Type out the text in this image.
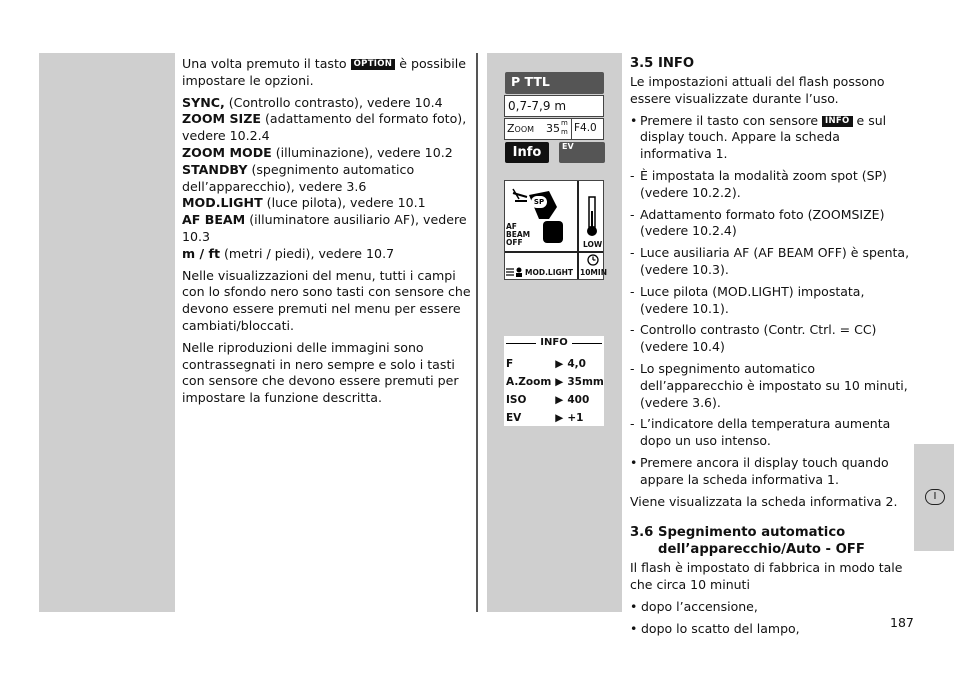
I

Una volta premuto il tasto OPTION è possibile impostare le opzioni.

SYNC, (Controllo contrasto), vedere 10.4
ZOOM SIZE (adattamento del formato foto), vedere 10.2.4
ZOOM MODE (illuminazione), vedere 10.2
STANDBY (spegnimento automatico dell’apparecchio), vedere 3.6
MOD.LIGHT (luce pilota), vedere 10.1
AF BEAM (illuminatore ausiliario AF), vedere 10.3
m / ft (metri / piedi), vedere 10.7

Nelle visualizzazioni del menu, tutti i campi con lo sfondo nero sono tasti con sensore che devono essere premuti nel menu per essere cambiati/bloccati.

Nelle riproduzioni delle immagini sono contrassegnati in nero sempre e solo i tasti con sensore che devono essere premuti per impostare la funzione descritta.

P TTL
0,7-7,9 m
Zoom 35 m
m F4.0
Info	EV
SP
AF BEAM OFF	LOW
MOD.LIGHT 10MIN
INFO
F	▶	4,0
A.Zoom	▶	35mm
ISO	▶	400
EV	▶	+1
3.5 INFO

Le impostazioni attuali del flash possono essere visualizzate durante l’uso.

• Premere il tasto con sensore INFO e sul display touch. Appare la scheda informativa 1.
- È impostata la modalità zoom spot (SP) (vedere 10.2.2).
- Adattamento formato foto (ZOOMSIZE) (vedere 10.2.4)
- Luce ausiliaria AF (AF BEAM OFF) è spenta, (vedere 10.3).
- Luce pilota (MOD.LIGHT) impostata, (vedere 10.1).
- Controllo contrasto (Contr. Ctrl. = CC) (vedere 10.4)
- Lo spegnimento automatico dell’apparecchio è impostato su 10 minuti, (vedere 3.6).
- L’indicatore della temperatura aumenta dopo un uso intenso.
• Premere ancora il display touch quando appare la scheda informativa 1.

Viene visualizzata la scheda informativa 2.

3.6 Spegnimento automatico
dell’apparecchio/Auto - OFF

Il flash è impostato di fabbrica in modo tale che circa 10 minuti

• dopo l’accensione,
• dopo lo scatto del lampo,	187
